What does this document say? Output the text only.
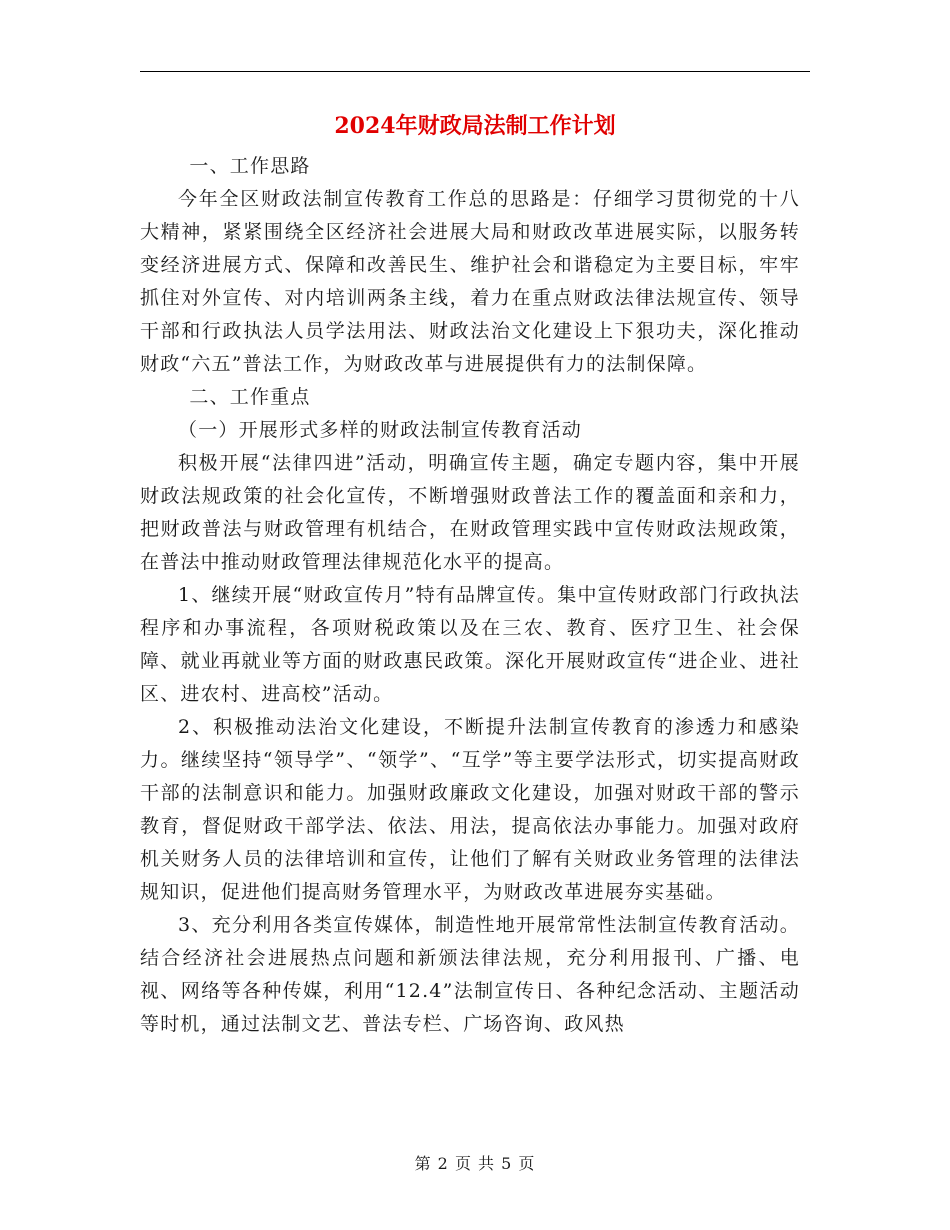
2024年财政局法制工作计划

一、工作思路

今年全区财政法制宣传教育工作总的思路是：仔细学习贯彻党的十八大精神，紧紧围绕全区经济社会进展大局和财政改革进展实际，以服务转变经济进展方式、保障和改善民生、维护社会和谐稳定为主要目标，牢牢抓住对外宣传、对内培训两条主线，着力在重点财政法律法规宣传、领导干部和行政执法人员学法用法、财政法治文化建设上下狠功夫，深化推动财政“六五”普法工作，为财政改革与进展提供有力的法制保障。

二、工作重点

（一）开展形式多样的财政法制宣传教育活动

积极开展“法律四进”活动，明确宣传主题，确定专题内容，集中开展财政法规政策的社会化宣传，不断增强财政普法工作的覆盖面和亲和力，把财政普法与财政管理有机结合，在财政管理实践中宣传财政法规政策，在普法中推动财政管理法律规范化水平的提高。

1、继续开展“财政宣传月”特有品牌宣传。集中宣传财政部门行政执法程序和办事流程，各项财税政策以及在三农、教育、医疗卫生、社会保障、就业再就业等方面的财政惠民政策。深化开展财政宣传“进企业、进社区、进农村、进高校”活动。

2、积极推动法治文化建设，不断提升法制宣传教育的渗透力和感染力。继续坚持“领导学”、“领学”、“互学”等主要学法形式，切实提高财政干部的法制意识和能力。加强财政廉政文化建设，加强对财政干部的警示教育，督促财政干部学法、依法、用法，提高依法办事能力。加强对政府机关财务人员的法律培训和宣传，让他们了解有关财政业务管理的法律法规知识，促进他们提高财务管理水平，为财政改革进展夯实基础。

3、充分利用各类宣传媒体，制造性地开展常常性法制宣传教育活动。结合经济社会进展热点问题和新颁法律法规，充分利用报刊、广播、电视、网络等各种传媒，利用“12.4”法制宣传日、各种纪念活动、主题活动等时机，通过法制文艺、普法专栏、广场咨询、政风热

第 2 页 共 5 页
